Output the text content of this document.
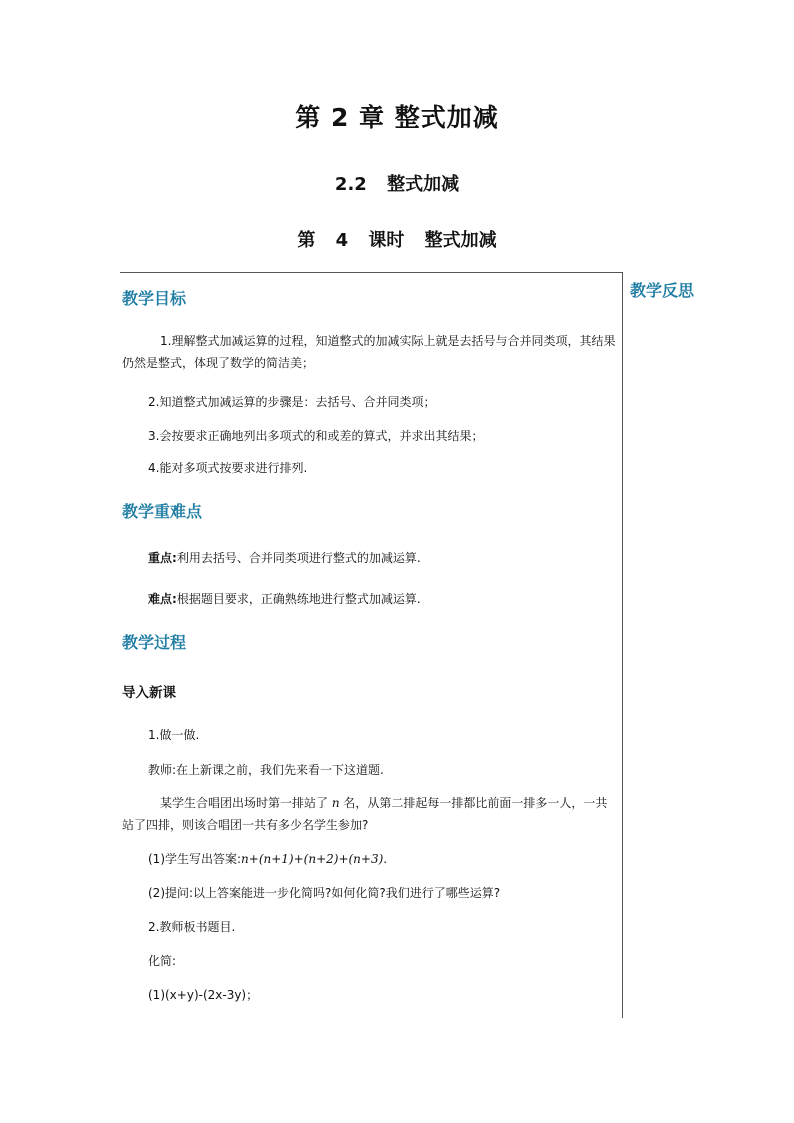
第 2 章 整式加减
2.2 整式加减
第 4 课时 整式加减
教学反思
教学目标
1.理解整式加减运算的过程，知道整式的加减实际上就是去括号与合并同类项，其结果仍然是整式，体现了数学的简洁美；
2.知道整式加减运算的步骤是：去括号、合并同类项；
3.会按要求正确地列出多项式的和或差的算式，并求出其结果；
4.能对多项式按要求进行排列.
教学重难点
重点:利用去括号、合并同类项进行整式的加减运算.
难点:根据题目要求，正确熟练地进行整式加减运算.
教学过程
导入新课
1.做一做.
教师:在上新课之前，我们先来看一下这道题.
某学生合唱团出场时第一排站了 n 名，从第二排起每一排都比前面一排多一人，一共站了四排，则该合唱团一共有多少名学生参加?
(1)学生写出答案:n+(n+1)+(n+2)+(n+3).
(2)提问:以上答案能进一步化简吗?如何化简?我们进行了哪些运算?
2.教师板书题目.
化简:
(1)(x+y)-(2x-3y)；
